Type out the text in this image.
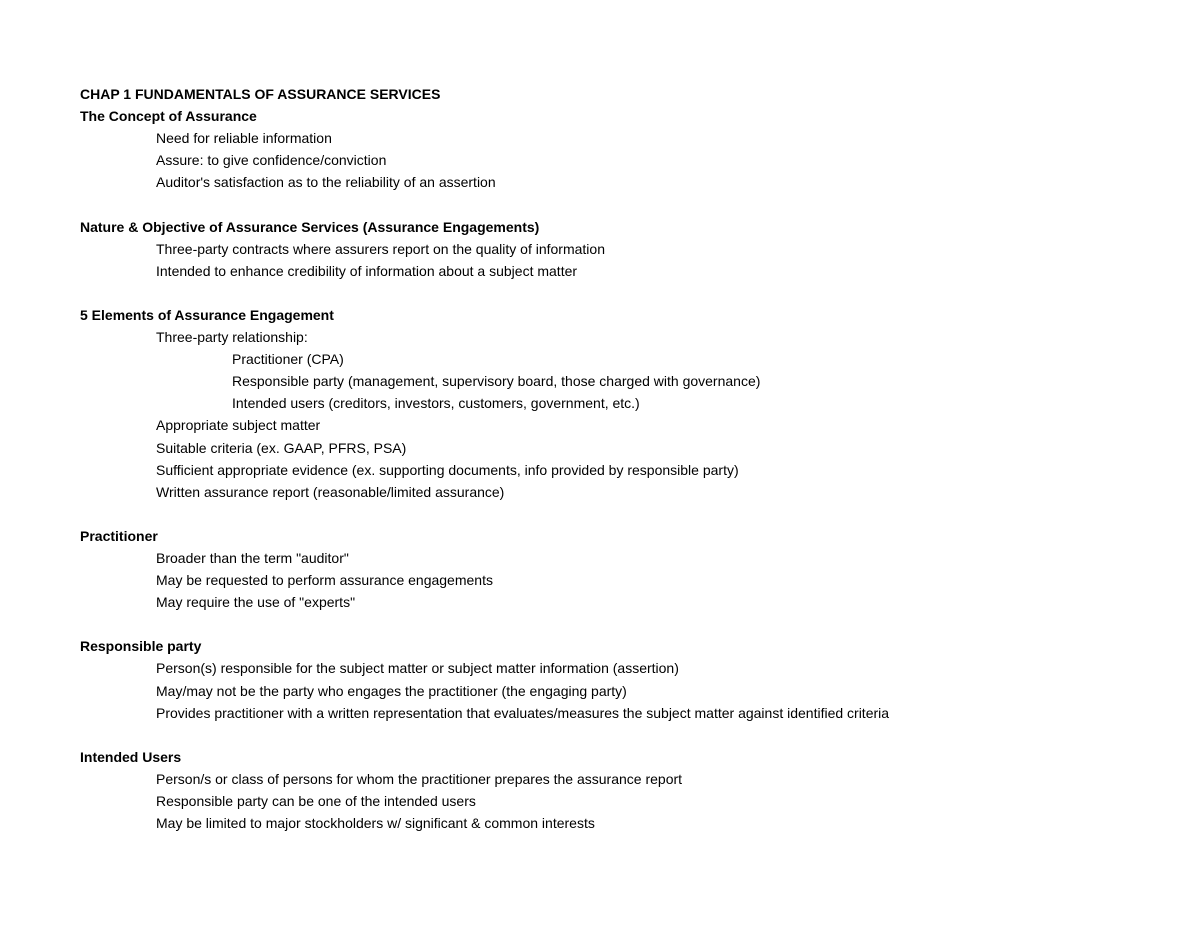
CHAP 1 FUNDAMENTALS OF ASSURANCE SERVICES
The Concept of Assurance
Need for reliable information
Assure: to give confidence/conviction
Auditor's satisfaction as to the reliability of an assertion
Nature & Objective of Assurance Services (Assurance Engagements)
Three-party contracts where assurers report on the quality of information
Intended to enhance credibility of information about a subject matter
5 Elements of Assurance Engagement
Three-party relationship:
Practitioner (CPA)
Responsible party (management, supervisory board, those charged with governance)
Intended users (creditors, investors, customers, government, etc.)
Appropriate subject matter
Suitable criteria (ex. GAAP, PFRS, PSA)
Sufficient appropriate evidence (ex. supporting documents, info provided by responsible party)
Written assurance report (reasonable/limited assurance)
Practitioner
Broader than the term "auditor"
May be requested to perform assurance engagements
May require the use of "experts"
Responsible party
Person(s) responsible for the subject matter or subject matter information (assertion)
May/may not be the party who engages the practitioner (the engaging party)
Provides practitioner with a written representation that evaluates/measures the subject matter against identified criteria
Intended Users
Person/s or class of persons for whom the practitioner prepares the assurance report
Responsible party can be one of the intended users
May be limited to major stockholders w/ significant & common interests
